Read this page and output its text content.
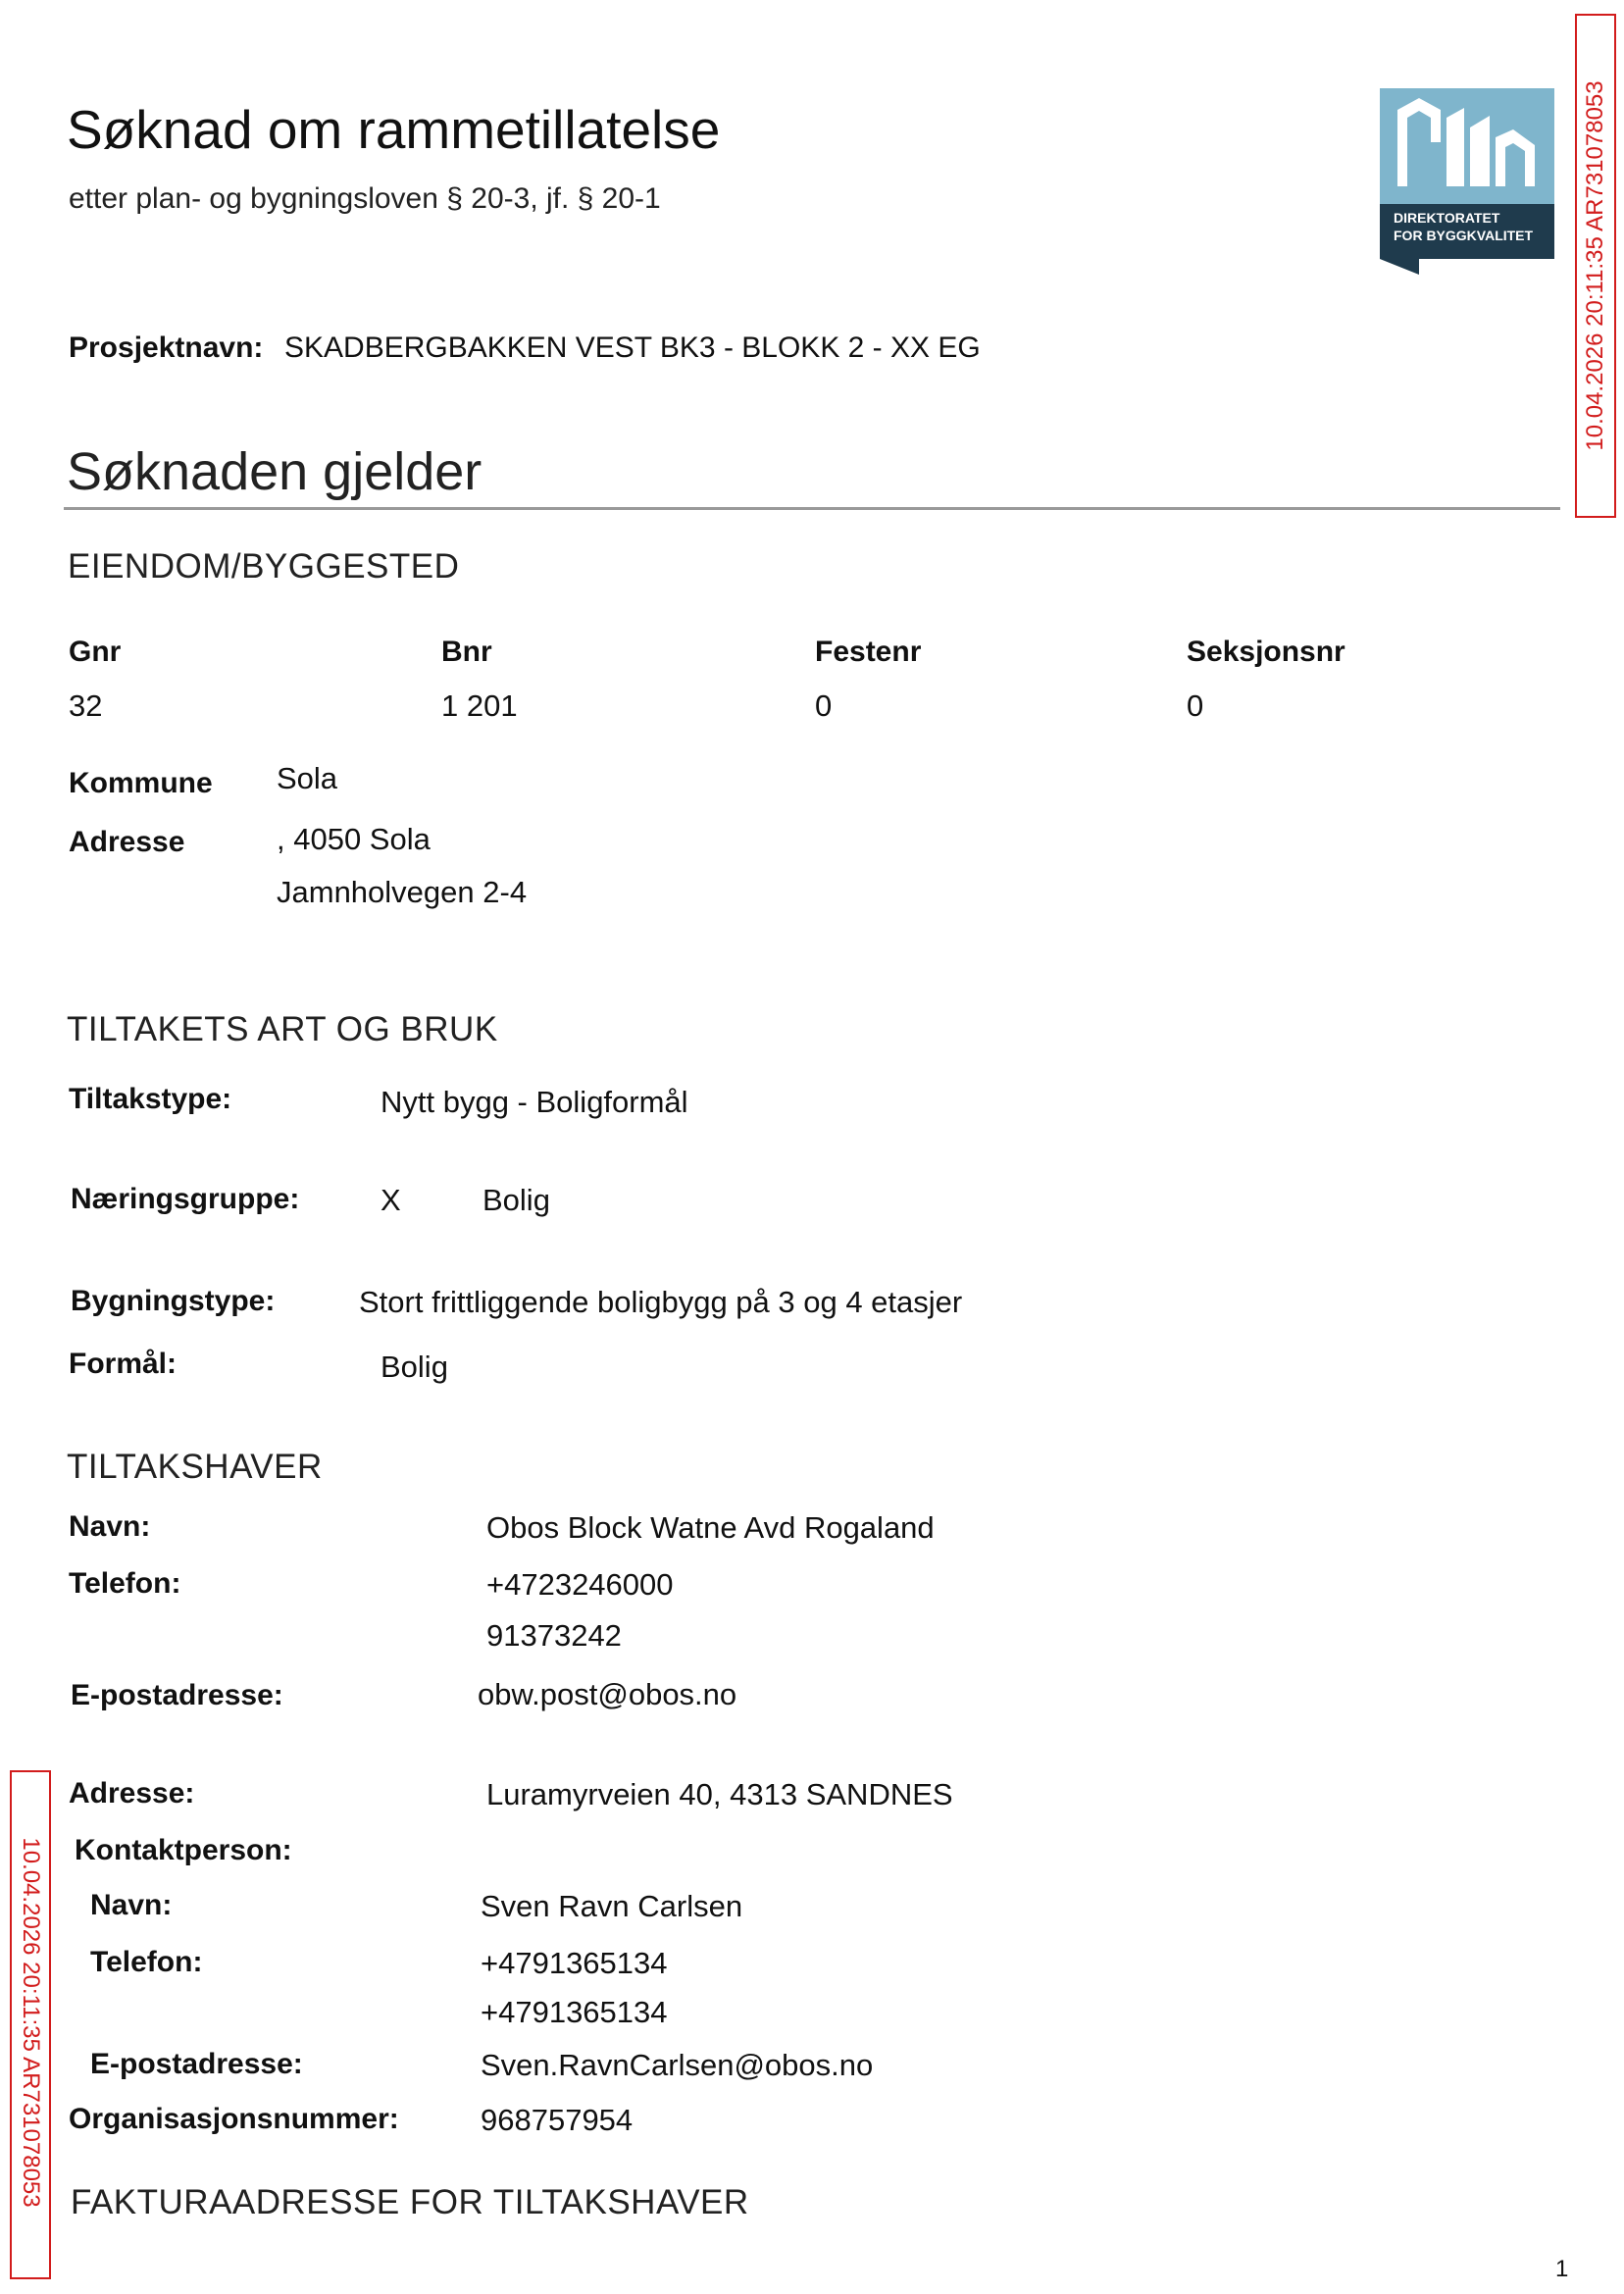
Søknad om rammetillatelse
etter plan- og bygningsloven § 20-3, jf. § 20-1
DIREKTORATET
FOR BYGGKVALITET 10.04.2026 20:11:35 AR731078053
Prosjektnavn: SKADBERGBAKKEN VEST BK3 - BLOKK 2 - XX EG
Søknaden gjelder
EIENDOM/BYGGESTED
Gnr	Bnr	Festenr	Seksjonsnr
32	1 201	0	0
Kommune Sola
Adresse	, 4050 Sola
Jamnholvegen 2-4
TILTAKETS ART OG BRUK
Tiltakstype:	Nytt bygg - Boligformål
Næringsgruppe:	X	Bolig
Bygningstype:	Stort frittliggende boligbygg på 3 og 4 etasjer
Formål:	Bolig
TILTAKSHAVER
Navn:	Obos Block Watne Avd Rogaland
Telefon:	+4723246000
91373242
E-postadresse:	obw.post@obos.no
Adresse:	Luramyrveien 40, 4313 SANDNES
Kontaktperson:
Navn:	Sven Ravn Carlsen
Telefon:	+4791365134
+4791365134
E-postadresse:	Sven.RavnCarlsen@obos.no
Organisasjonsnummer:	968757954
FAKTURAADRESSE FOR TILTAKSHAVER
10.04.2026 20:11:35 AR731078053
1
